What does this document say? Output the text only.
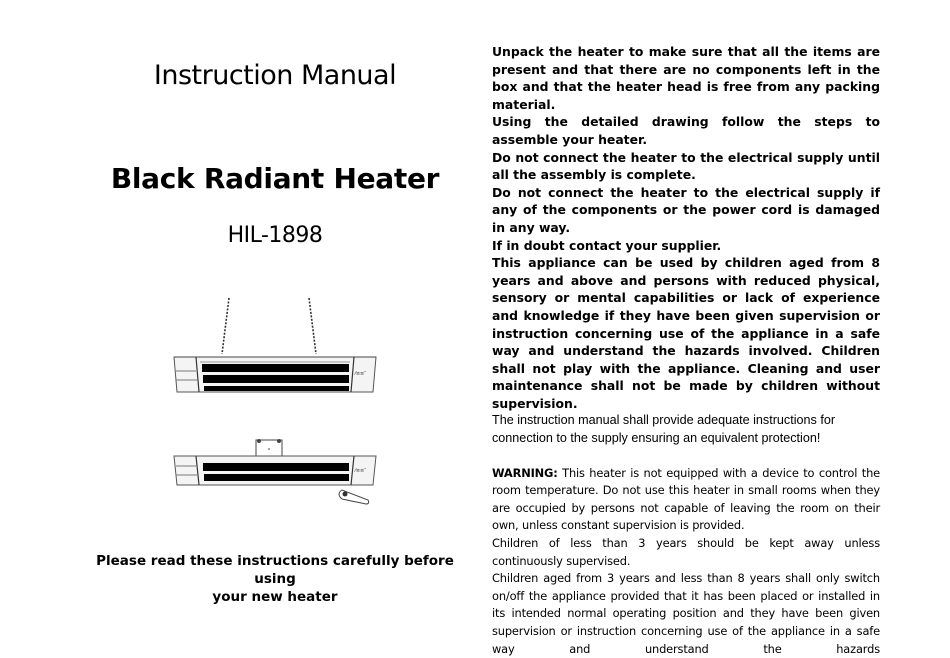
Instruction Manual
Black Radiant Heater
HIL-1898
Please read these instructions carefully before using
your new heater
⁄≡≡″
⁄≡≡″

Unpack the heater to make sure that all the items are present and that there are no components left in the box and that the heater head is free from any packing material.

Using the detailed drawing follow the steps to assemble your heater.

Do not connect the heater to the electrical supply until all the assembly is complete.

Do not connect the heater to the electrical supply if any of the components or the power cord is damaged in any way.

If in doubt contact your supplier.

This appliance can be used by children aged from 8 years and above and persons with reduced physical, sensory or mental capabilities or lack of experience and knowledge if they have been given supervision or instruction concerning use of the appliance in a safe way and understand the hazards involved. Children shall not play with the appliance. Cleaning and user maintenance shall not be made by children without supervision.

The instruction manual shall provide adequate instructions for connection to the supply ensuring an equivalent protection!

WARNING: This heater is not equipped with a device to control the room temperature. Do not use this heater in small rooms when they are occupied by persons not capable of leaving the room on their own, unless constant supervision is provided.

Children of less than 3 years should be kept away unless continuously supervised.

Children aged from 3 years and less than 8 years shall only switch on/off the appliance provided that it has been placed or installed in its intended normal operating position and they have been given supervision or instruction concerning use of the appliance in a safe way and understand the hazards
